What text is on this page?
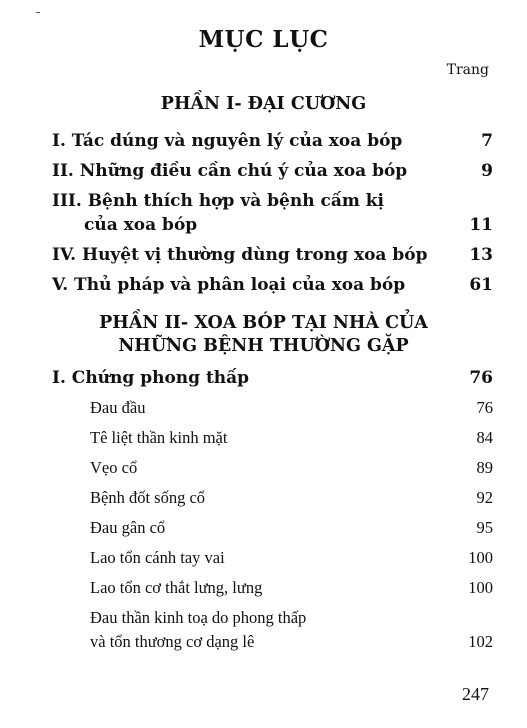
MỤC LỤC
Trang
PHẦN I- ĐẠI CƯƠNG
I. Tác dúng và nguyên lý của xoa bóp	7
II. Những điều cần chú ý của xoa bóp	9
III. Bệnh thích hợp và bệnh cấm kị
của xoa bóp	11
IV. Huyệt vị thường dùng trong xoa bóp 13
V. Thủ pháp và phân loại của xoa bóp	61
PHẦN II- XOA BÓP TẠI NHÀ CỦA
NHỮNG BỆNH THƯỜNG GẶP
I. Chứng phong thấp	76
Đau đầu	76
Tê liệt thần kinh mặt	84
Vẹo cổ	89
Bệnh đốt sống cổ	92
Đau gân cổ	95
Lao tổn cánh tay vai	100
Lao tổn cơ thắt lưng, lưng	100
Đau thần kinh toạ do phong thấp
và tổn thương cơ dạng lê	102
247
